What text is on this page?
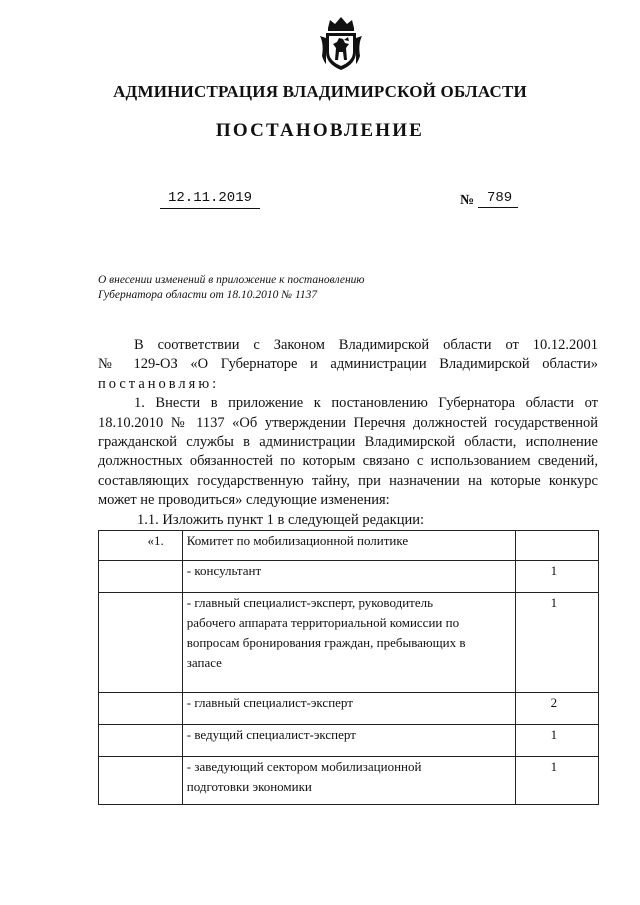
АДМИНИСТРАЦИЯ ВЛАДИМИРСКОЙ ОБЛАСТИ
ПОСТАНОВЛЕНИЕ
12.11.2019	№ 789
О внесении изменений в приложение к постановлению
Губернатора области от 18.10.2010 № 1137
В соответствии с Законом Владимирской области от 10.12.2001
№ 129-ОЗ «О Губернаторе и администрации Владимирской области»
постановляю:
1. Внести в приложение к постановлению Губернатора области от
18.10.2010 № 1137 «Об утверждении Перечня должностей государственной
гражданской службы в администрации Владимирской области, исполнение
должностных обязанностей по которым связано с использованием сведений,
составляющих государственную тайну, при назначении на которые конкурс
может не проводиться» следующие изменения:
1.1. Изложить пункт 1 в следующей редакции:
«1.	Комитет по мобилизационной политике	

	- консультант	1

	- главный специалист-эксперт, руководитель
рабочего аппарата территориальной комиссии по
вопросам бронирования граждан, пребывающих в
запасе	1

	- главный специалист-эксперт	2

	- ведущий специалист-эксперт	1

	- заведующий сектором мобилизационной
подготовки экономики	1
